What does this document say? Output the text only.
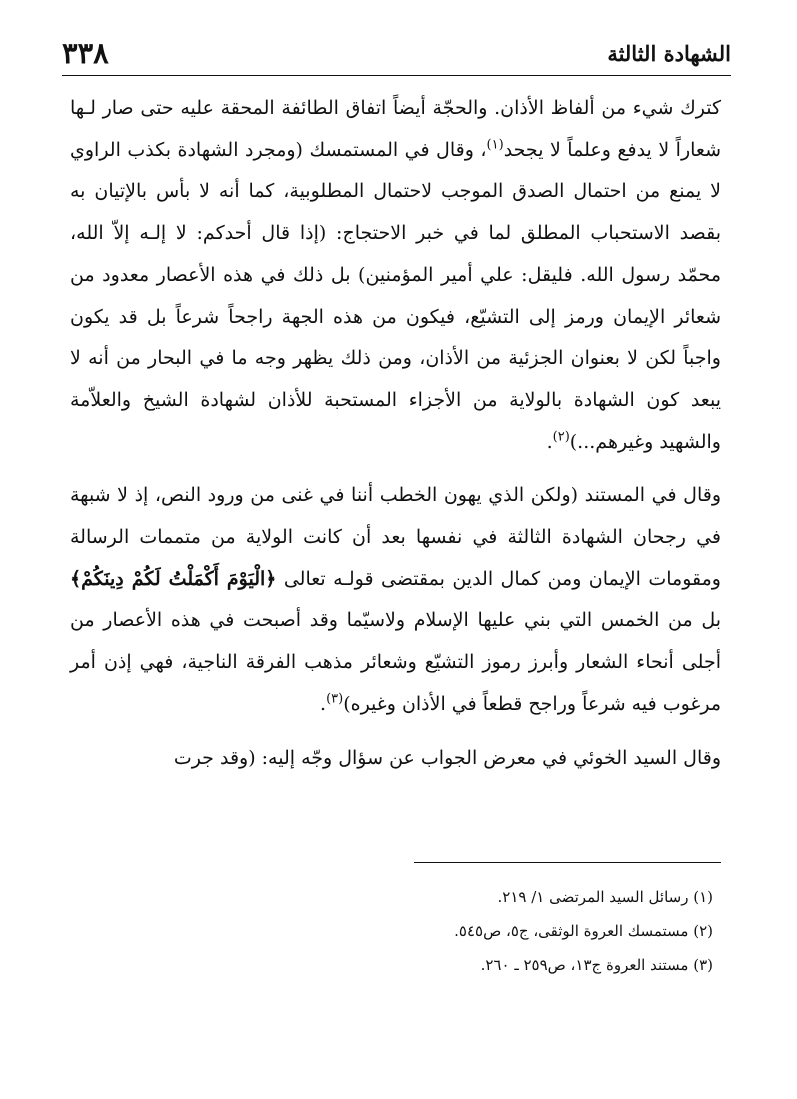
الشهادة الثالثة
٣٣٨

كترك شيء من ألفاظ الأذان. والحجّة أيضاً اتفاق الطائفة المحقة عليه حتى صار لـها شعاراً لا يدفع وعلماً لا يجحد$^{(١)}$، وقال في المستمسك (ومجرد الشهادة بكذب الراوي لا يمنع من احتمال الصدق الموجب لاحتمال المطلوبية، كما أنه لا بأس بالإتيان به بقصد الاستحباب المطلق لما في خبر الاحتجاج: (إذا قال أحدكم: لا إلـه إلاّ الله، محمّد رسول الله. فليقل: علي أمير المؤمنين) بل ذلك في هذه الأعصار معدود من شعائر الإيمان ورمز إلى التشيّع، فيكون من هذه الجهة راجحاً شرعاً بل قد يكون واجباً لكن لا بعنوان الجزئية من الأذان، ومن ذلك يظهر وجه ما في البحار من أنه لا يبعد كون الشهادة بالولاية من الأجزاء المستحبة للأذان لشهادة الشيخ والعلاّمة والشهيد وغيرهم...)$^{(٢)}$.

وقال في المستند (ولكن الذي يهون الخطب أننا في غنى من ورود النص، إذ لا شبهة في رجحان الشهادة الثالثة في نفسها بعد أن كانت الولاية من متممات الرسالة ومقومات الإيمان ومن كمال الدين بمقتضى قولـه تعالى ﴿الْيَوْمَ أَكْمَلْتُ لَكُمْ دِينَكُمْ﴾ بل من الخمس التي بني عليها الإسلام ولاسيّما وقد أصبحت في هذه الأعصار من أجلى أنحاء الشعار وأبرز رموز التشيّع وشعائر مذهب الفرقة الناجية، فهي إذن أمر مرغوب فيه شرعاً وراجح قطعاً في الأذان وغيره)$^{(٣)}$.

وقال السيد الخوئي في معرض الجواب عن سؤال وجّه إليه: (وقد جرت

(١) رسائل السيد المرتضى ١/ ٢١٩.
(٢) مستمسك العروة الوثقى، ج٥، ص٥٤٥.
(٣) مستند العروة ج١٣، ص٢٥٩ ـ ٢٦٠.
